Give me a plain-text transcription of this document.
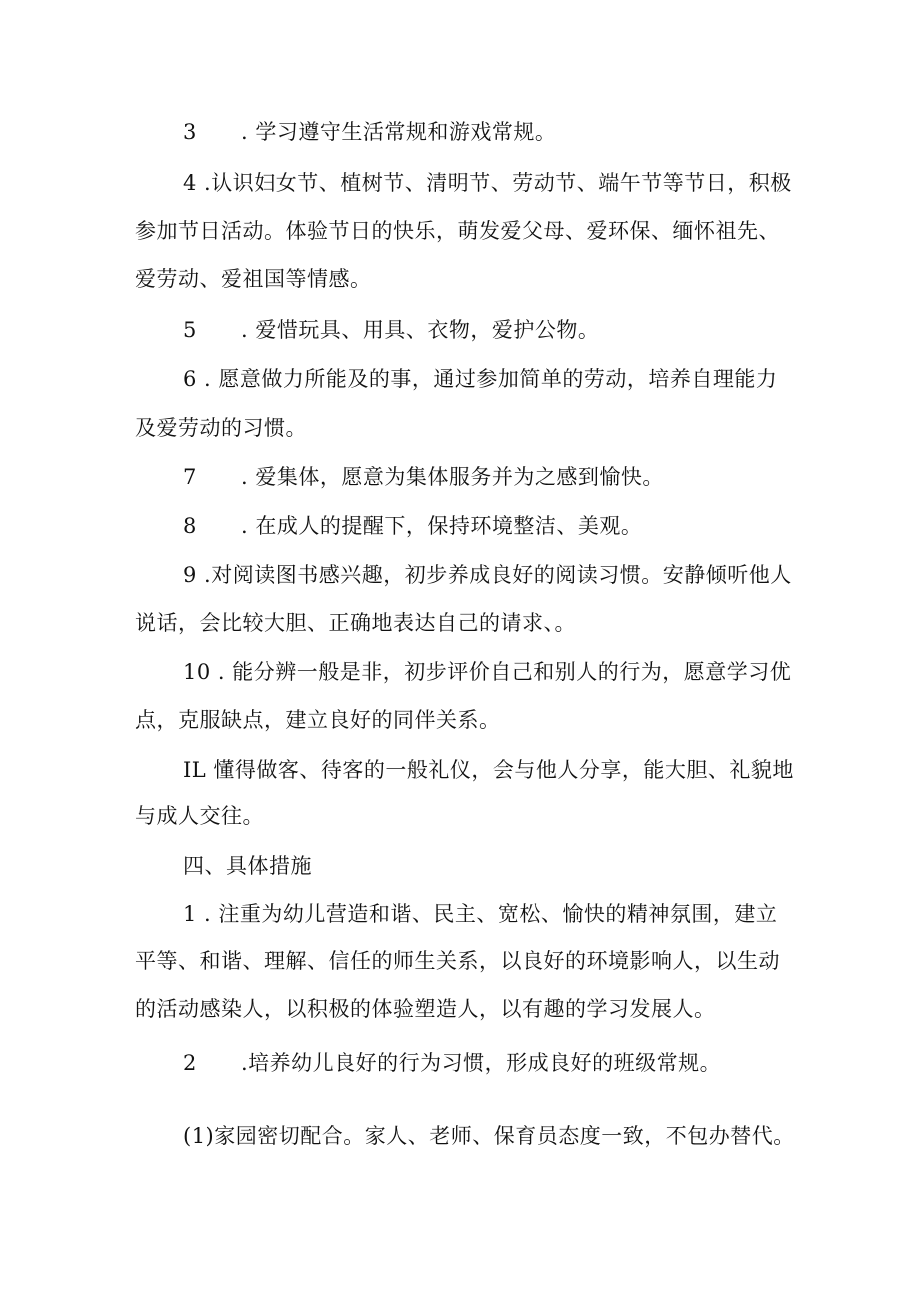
3 . 学习遵守生活常规和游戏常规。
4 .认识妇女节、植树节、清明节、劳动节、端午节等节日，积极
参加节日活动。体验节日的快乐，萌发爱父母、爱环保、缅怀祖先、
爱劳动、爱祖国等情感。
5 . 爱惜玩具、用具、衣物，爱护公物。
6 . 愿意做力所能及的事，通过参加简单的劳动，培养自理能力
及爱劳动的习惯。
7 . 爱集体，愿意为集体服务并为之感到愉快。
8 . 在成人的提醒下，保持环境整洁、美观。
9 .对阅读图书感兴趣，初步养成良好的阅读习惯。安静倾听他人
说话，会比较大胆、正确地表达自己的请求、。
10 . 能分辨一般是非，初步评价自己和别人的行为，愿意学习优
点，克服缺点，建立良好的同伴关系。
IL 懂得做客、待客的一般礼仪，会与他人分享，能大胆、礼貌地
与成人交往。
四、具体措施
1 . 注重为幼儿营造和谐、民主、宽松、愉快的精神氛围，建立
平等、和谐、理解、信任的师生关系，以良好的环境影响人，以生动
的活动感染人，以积极的体验塑造人，以有趣的学习发展人。
2 .培养幼儿良好的行为习惯，形成良好的班级常规。
(1)家园密切配合。家人、老师、保育员态度一致，不包办替代。
